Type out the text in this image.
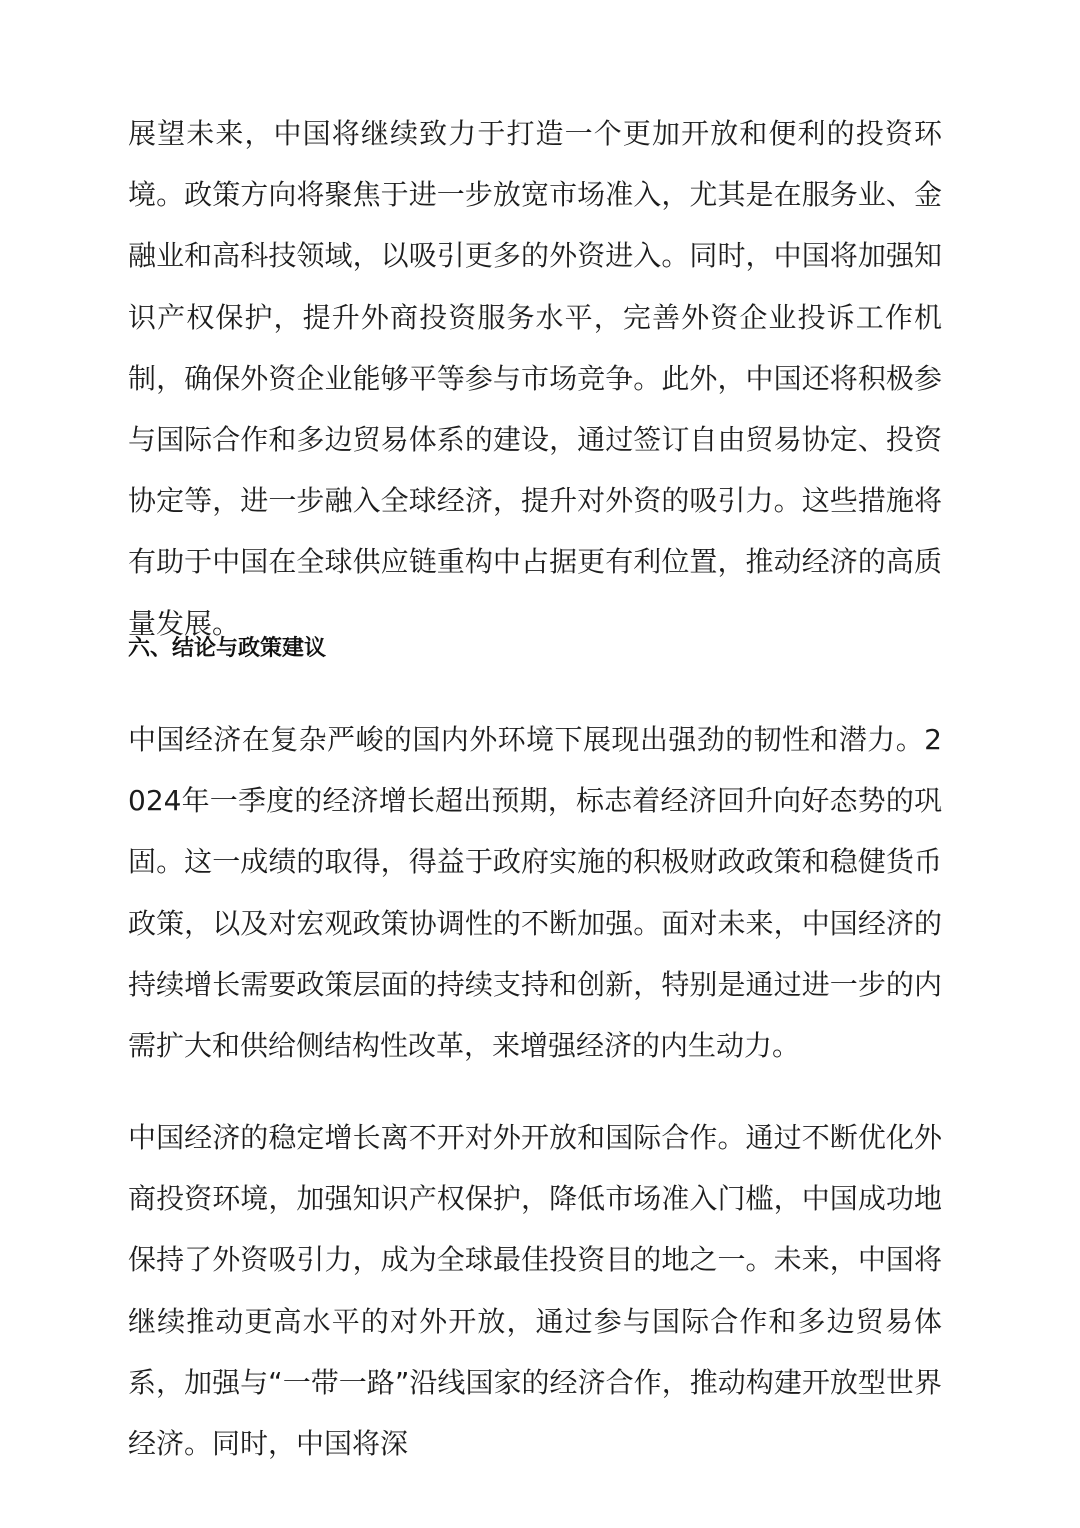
展望未来，中国将继续致力于打造一个更加开放和便利的投资环境。政策方向将聚焦于进一步放宽市场准入，尤其是在服务业、金融业和高科技领域，以吸引更多的外资进入。同时，中国将加强知识产权保护，提升外商投资服务水平，完善外资企业投诉工作机制，确保外资企业能够平等参与市场竞争。此外，中国还将积极参与国际合作和多边贸易体系的建设，通过签订自由贸易协定、投资协定等，进一步融入全球经济，提升对外资的吸引力。这些措施将有助于中国在全球供应链重构中占据更有利位置，推动经济的高质量发展。

六、结论与政策建议

中国经济在复杂严峻的国内外环境下展现出强劲的韧性和潜力。2024年一季度的经济增长超出预期，标志着经济回升向好态势的巩固。这一成绩的取得，得益于政府实施的积极财政政策和稳健货币政策，以及对宏观政策协调性的不断加强。面对未来，中国经济的持续增长需要政策层面的持续支持和创新，特别是通过进一步的内需扩大和供给侧结构性改革，来增强经济的内生动力。

中国经济的稳定增长离不开对外开放和国际合作。通过不断优化外商投资环境，加强知识产权保护，降低市场准入门槛，中国成功地保持了外资吸引力，成为全球最佳投资目的地之一。未来，中国将继续推动更高水平的对外开放，通过参与国际合作和多边贸易体系，加强与“一带一路”沿线国家的经济合作，推动构建开放型世界经济。同时，中国将深
